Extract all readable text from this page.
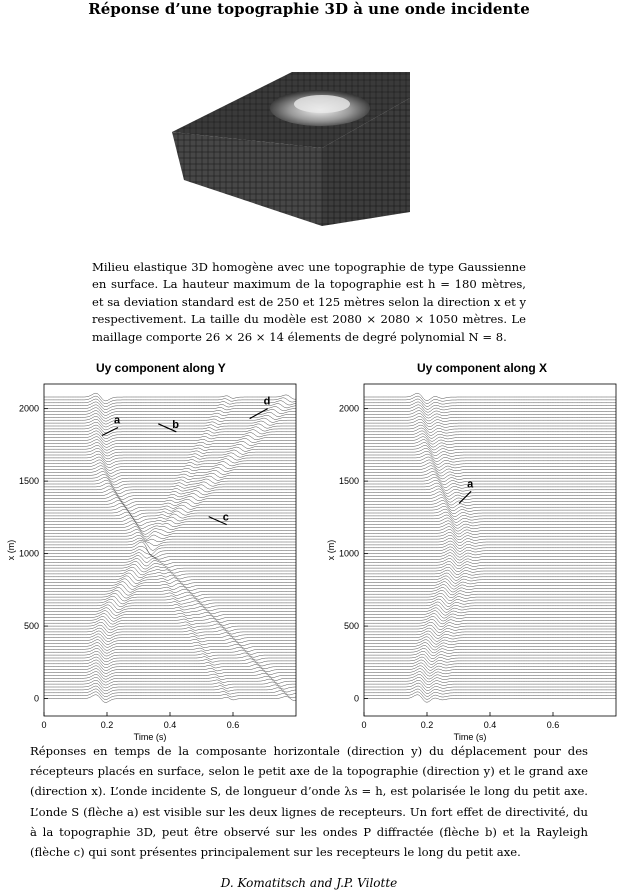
Réponse d’une topographie 3D à une onde incidente
Milieu elastique 3D homogène avec une topographie de type Gaussienne en surface. La hauteur maximum de la topographie est h = 180 mètres, et sa deviation standard est de 250 et 125 mètres selon la direction x et y respectivement. La taille du modèle est 2080 × 2080 × 1050 mètres. Le maillage comporte 26 × 26 × 14 élements de degré polynomial N = 8.
Uy component along Y	Uy component along X
0	0.2	0.4	0.6
0
500
1000
1500
2000
Time (s)
x (m)
a	b
c
d
0	0.2	0.4	0.6
0
500
1000
1500
2000
Time (s)
x (m)
a
Réponses en temps de la composante horizontale (direction y) du déplacement pour des récepteurs placés en surface, selon le petit axe de la topographie (direction y) et le grand axe (direction x). L’onde incidente S, de longueur d’onde λs = h, est polarisée le long du petit axe. L’onde S (flèche a) est visible sur les deux lignes de recepteurs. Un fort effet de directivité, du à la topographie 3D, peut être observé sur les ondes P diffractée (flèche b) et la Rayleigh (flèche c) qui sont présentes principalement sur les recepteurs le long du petit axe.
D. Komatitsch and J.P. Vilotte
